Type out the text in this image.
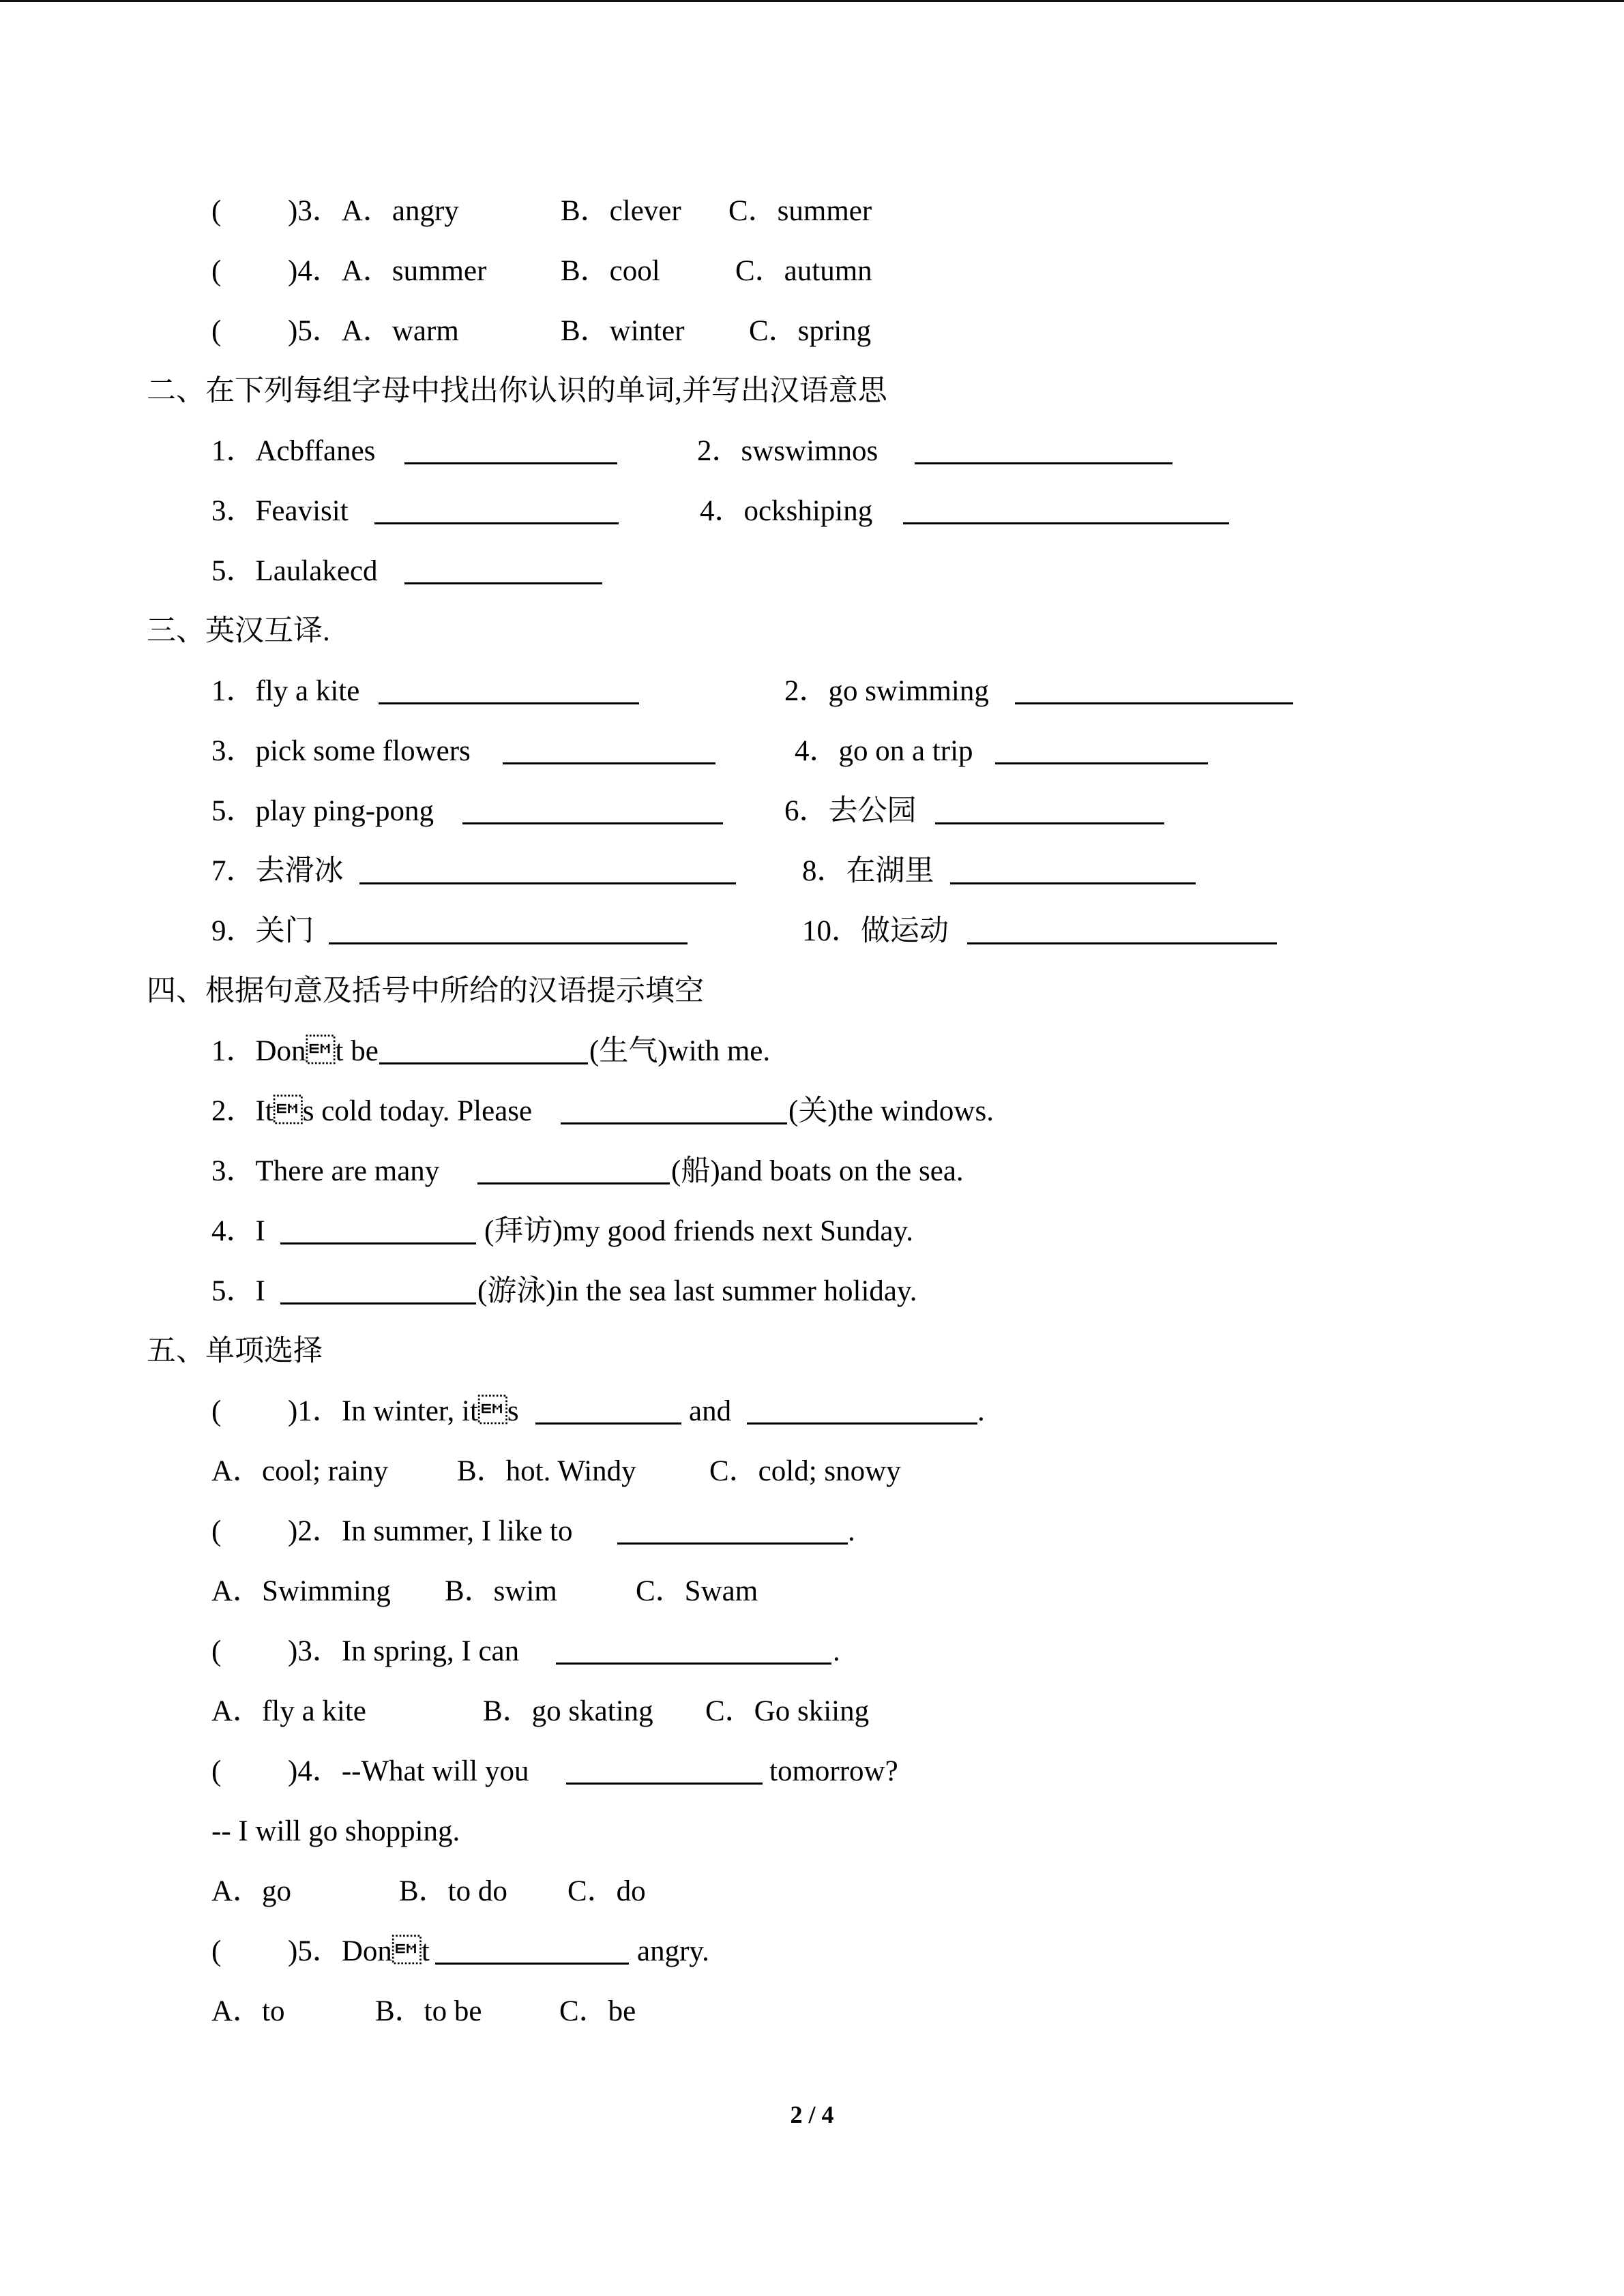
( )3．A．angry	B．clever C．summer
( )4．A．summer	B．cool	C．autumn
( )5．A．warm	B．winter C．spring
二、在下列每组字母中找出你认识的单词,并写出汉语意思
1．Acbffanes	2．swswimnos
3．Feavisit	4．ockshiping
5．Laulakecd
三、英汉互译.
1．fly a kite	2．go swimming
3．pick some flowers	4．go on a trip
5．play ping-pong	6．去公园
7．去滑冰	8．在湖里
9．关门	10．做运动
四、根据句意及括号中所给的汉语提示填空
1．Dont be	(生气)with me.
2．Its cold today. Please	(关)the windows.
3．There are many	(船)and boats on the sea.
4．I	(拜访)my good friends next Sunday.
5．I	(游泳)in the sea last summer holiday.
五、单项选择
( )1．In winter, its	and	.
A．cool; rainy B．hot. Windy C．cold; snowy
( )2．In summer, I like to	.
A．Swimming B．swim	C．Swam
( )3．In spring, I can	.
A．fly a kite	B．go skating C．Go skiing
( )4．--What will you	tomorrow?
-- I will go shopping.
A．go	B．to do C．do
( )5．Dont	angry.
A．to	B．to be	C．be
2 / 4
